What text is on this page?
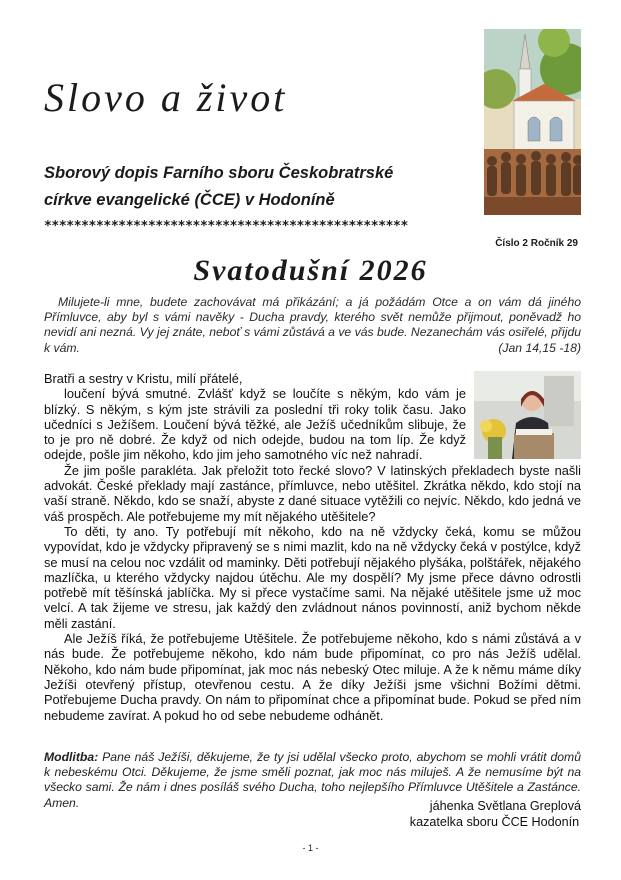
Slovo a život
Sborový dopis Farního sboru Českobratrské
církve evangelické (ČCE) v Hodoníně
*************************************************
Číslo 2 Ročník 29
Svatodušní 2026

Milujete-li mne, budete zachovávat má přikázání; a já požádám Otce a on vám dá jiného Přímluvce, aby byl s vámi navěky - Ducha pravdy, kterého svět nemůže přijmout, poněvadž ho nevidí ani nezná. Vy jej znáte, neboť s vámi zůstává a ve vás bude. Nezanechám vás osiřelé, přijdu k vám.	(Jan 14,15 -18)

Bratři a sestry v Kristu, milí přátelé,

loučení bývá smutné. Zvlášť když se loučíte s někým, kdo vám je blízký. S někým, s kým jste strávili za poslední tři roky tolik času. Jako učedníci s Ježíšem. Loučení bývá těžké, ale Ježíš učedníkům slibuje, že to je pro ně dobré. Že když od nich odejde, budou na tom líp. Že když odejde, pošle jim někoho, kdo jim jeho samotného víc než nahradí.

Že jim pošle parakléta. Jak přeložit toto řecké slovo? V latinských překladech byste našli advokát. České překlady mají zastánce, přímluvce, nebo utěšitel. Zkrátka někdo, kdo stojí na vaší straně. Někdo, kdo se snaží, abyste z dané situace vytěžili co nejvíc. Někdo, kdo jedná ve váš prospěch. Ale potřebujeme my mít nějakého utěšitele?

To děti, ty ano. Ty potřebují mít někoho, kdo na ně vždycky čeká, komu se můžou vypovídat, kdo je vždycky připravený se s nimi mazlit, kdo na ně vždycky čeká v postýlce, když se musí na celou noc vzdálit od maminky. Děti potřebují nějakého plyšáka, polštářek, nějakého mazlíčka, u kterého vždycky najdou útěchu. Ale my dospělí? My jsme přece dávno odrostli potřebě mít těšínská jablíčka. My si přece vystačíme sami. Na nějaké utěšitele jsme už moc velcí. A tak žijeme ve stresu, jak každý den zvládnout nános povinností, aniž bychom někde měli zastání.

Ale Ježíš říká, že potřebujeme Utěšitele. Že potřebujeme někoho, kdo s námi zůstává a v nás bude. Že potřebujeme někoho, kdo nám bude připomínat, co pro nás Ježíš udělal. Někoho, kdo nám bude připomínat, jak moc nás nebeský Otec miluje. A že k němu máme díky Ježíši otevřený přístup, otevřenou cestu. A že díky Ježíši jsme všichni Božími dětmi. Potřebujeme Ducha pravdy. On nám to připomínat chce a připomínat bude. Pokud se před ním nebudeme zavírat. A pokud ho od sebe nebudeme odhánět.

Modlitba: Pane náš Ježíši, děkujeme, že ty jsi udělal všecko proto, abychom se mohli vrátit domů k nebeskému Otci. Děkujeme, že jsme směli poznat, jak moc nás miluješ. A že nemusíme být na všecko sami. Že nám i dnes posíláš svého Ducha, toho nejlepšího Přímluvce Utěšitele a Zastánce. Amen.	jáhenka Světlana Greplová
kazatelka sboru ČCE Hodonín
- 1 -
